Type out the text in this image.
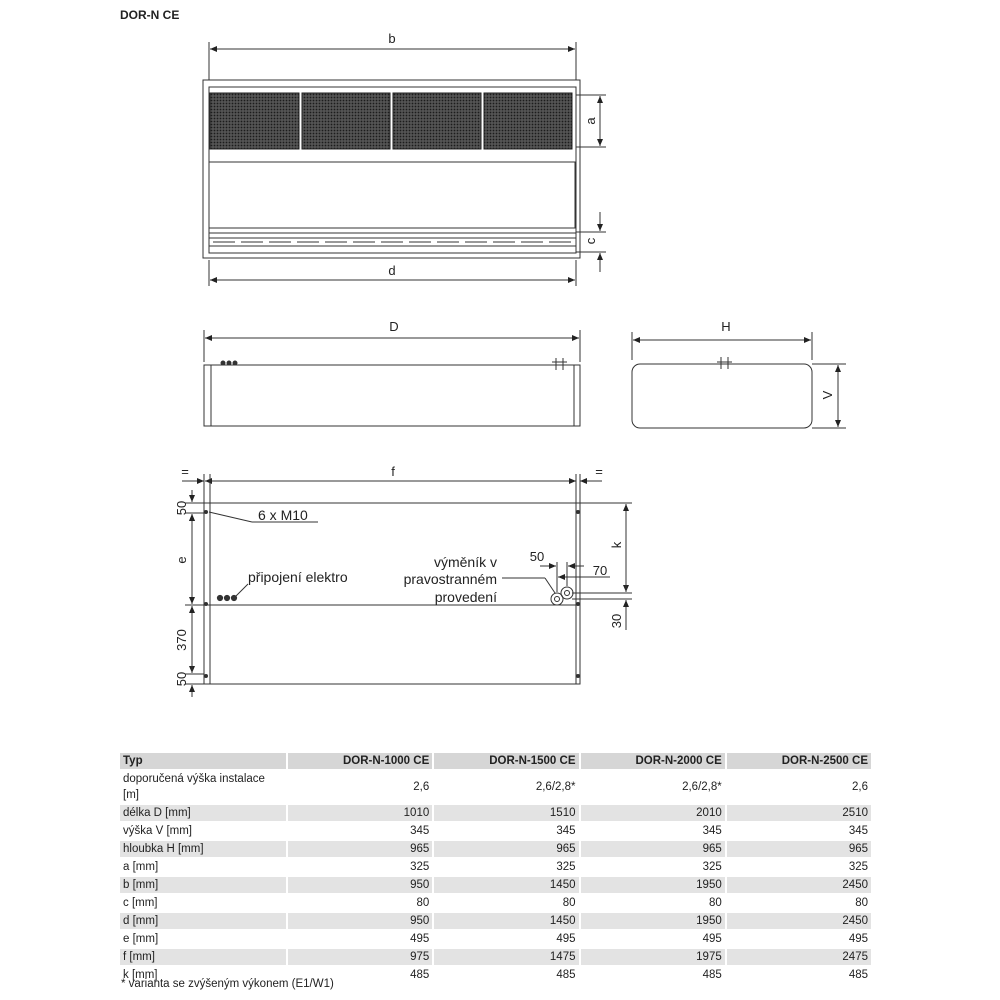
DOR-N CE
b
a
c
d
D	H
V
=	f	=
k
50
e
370
50
6 x M10
připojení elektro
výměník v
pravostranném
provedení
50
70
30
Typ	DOR-N-1000 CE	DOR-N-1500 CE	DOR-N-2000 CE	DOR-N-2500 CE
doporučená výška instalace [m]	2,6	2,6/2,8*	2,6/2,8*	2,6
délka D [mm]	1010	1510	2010	2510
výška V [mm]	345	345	345	345
hloubka H [mm]	965	965	965	965
a [mm]	325	325	325	325
b [mm]	950	1450	1950	2450
c [mm]	80	80	80	80
d [mm]	950	1450	1950	2450
e [mm]	495	495	495	495
f [mm]	975	1475	1975	2475
k [mm]	485	485	485	485
* varianta se zvýšeným výkonem (E1/W1)
